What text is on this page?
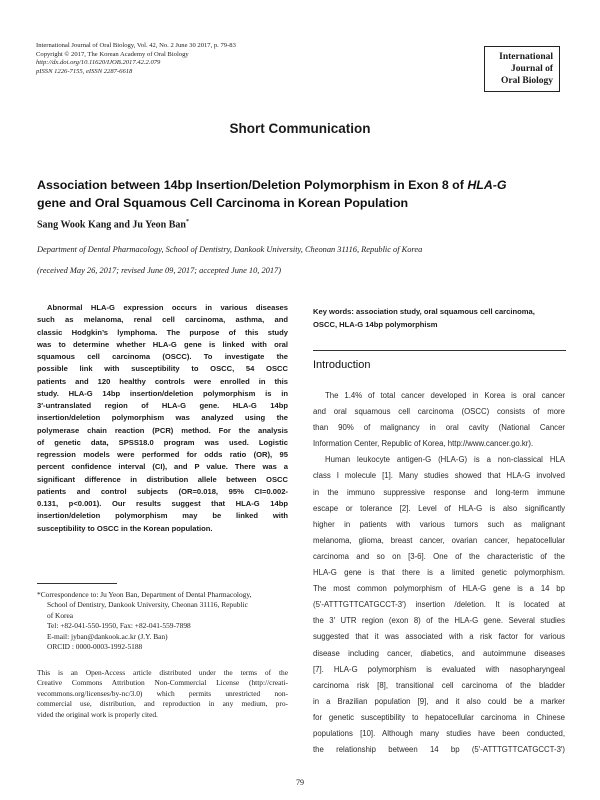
International Journal of Oral Biology, Vol. 42, No. 2 June 30 2017, p. 79-83
Copyright © 2017, The Korean Academy of Oral Biology
http://dx.doi.org/10.11620/IJOB.2017.42.2.079
pISSN 1226-7155, eISSN 2287-6618
International
Journal of
Oral Biology
Short Communication
Association between 14bp Insertion/Deletion Polymorphism in Exon 8 of HLA-G
gene and Oral Squamous Cell Carcinoma in Korean Population
Sang Wook Kang and Ju Yeon Ban*
Department of Dental Pharmacology, School of Dentistry, Dankook University, Cheonan 31116, Republic of Korea
(received May 26, 2017; revised June 09, 2017; accepted June 10, 2017)
Abnormal HLA-G expression occurs in various diseases
such as melanoma, renal cell carcinoma, asthma, and
classic Hodgkin’s lymphoma. The purpose of this study
was to determine whether HLA-G gene is linked with oral
squamous cell carcinoma (OSCC). To investigate the
possible link with susceptibility to OSCC, 54 OSCC
patients and 120 healthy controls were enrolled in this
study. HLA-G 14bp insertion/deletion polymorphism is in
3′-untranslated region of HLA-G gene. HLA-G 14bp
insertion/deletion polymorphism was analyzed using the
polymerase chain reaction (PCR) method. For the analysis
of genetic data, SPSS18.0 program was used. Logistic
regression models were performed for odds ratio (OR), 95
percent confidence interval (CI), and P value. There was a
significant difference in distribution allele between OSCC
patients and control subjects (OR=0.018, 95% CI=0.002-
0.131, p<0.001). Our results suggest that HLA-G 14bp
insertion/deletion polymorphism may be linked with
susceptibility to OSCC in the Korean population.
*Correspondence to: Ju Yeon Ban, Department of Dental Pharmacology,
School of Dentistry, Dankook University, Cheonan 31116, Republic
of Korea
Tel: +82-041-550-1950, Fax: +82-041-559-7898
E-mail: jyban@dankook.ac.kr (J.Y. Ban)
ORCID : 0000-0003-1992-5188
This is an Open-Access article distributed under the terms of the
Creative Commons Attribution Non-Commercial License (http://creati-
vecommons.org/licenses/by-nc/3.0) which permits unrestricted non-
commercial use, distribution, and reproduction in any medium, pro-
vided the original work is properly cited.
Key words: association study, oral squamous cell carcinoma,
OSCC, HLA-G 14bp polymorphism
Introduction
The 1.4% of total cancer developed in Korea is oral cancer
and oral squamous cell carcinoma (OSCC) consists of more
than 90% of malignancy in oral cavity (National Cancer
Information Center, Republic of Korea, http://www.cancer.go.kr).
Human leukocyte antigen-G (HLA-G) is a non-classical HLA
class I molecule [1]. Many studies showed that HLA-G involved
in the immuno suppressive response and long-term immune
escape or tolerance [2]. Level of HLA-G is also significantly
higher in patients with various tumors such as malignant
melanoma, glioma, breast cancer, ovarian cancer, hepatocellular
carcinoma and so on [3-6]. One of the characteristic of the
HLA-G gene is that there is a limited genetic polymorphism.
The most common polymorphism of HLA-G gene is a 14 bp
(5′-ATTTGTTCATGCCT-3′) insertion /deletion. It is located at
the 3′ UTR region (exon 8) of the HLA-G gene. Several studies
suggested that it was associated with a risk factor for various
disease including cancer, diabetics, and autoimmune diseases
[7]. HLA-G polymorphism is evaluated with nasopharyngeal
carcinoma risk [8], transitional cell carcinoma of the bladder
in a Brazilian population [9], and it also could be a marker
for genetic susceptibility to hepatocellular carcinoma in Chinese
populations [10]. Although many studies have been conducted,
the relationship between 14 bp (5′-ATTTGTTCATGCCT-3′)
79
